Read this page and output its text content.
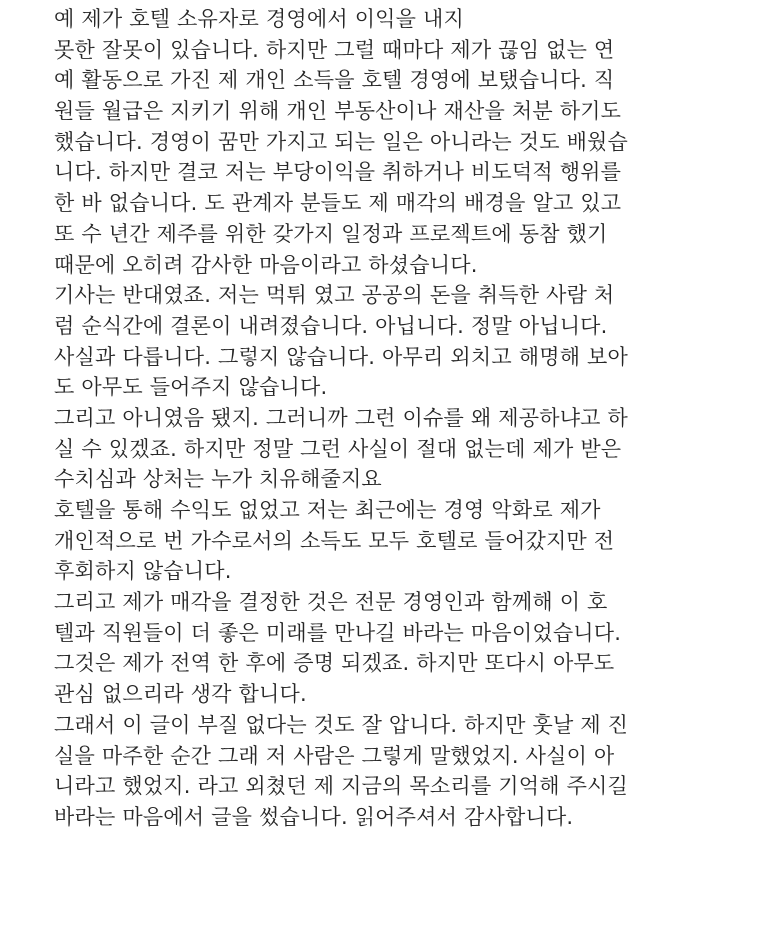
예 제가 호텔 소유자로 경영에서 이익을 내지
못한 잘못이 있습니다. 하지만 그럴 때마다 제가 끊임 없는 연
예 활동으로 가진 제 개인 소득을 호텔 경영에 보탰습니다. 직
원들 월급은 지키기 위해 개인 부동산이나 재산을 처분 하기도
했습니다. 경영이 꿈만 가지고 되는 일은 아니라는 것도 배웠습
니다. 하지만 결코 저는 부당이익을 취하거나 비도덕적 행위를
한 바 없습니다. 도 관계자 분들도 제 매각의 배경을 알고 있고
또 수 년간 제주를 위한 갖가지 일정과 프로젝트에 동참 했기
때문에 오히려 감사한 마음이라고 하셨습니다.
기사는 반대였죠. 저는 먹튀 였고 공공의 돈을 취득한 사람 처
럼 순식간에 결론이 내려졌습니다. 아닙니다. 정말 아닙니다.
사실과 다릅니다. 그렇지 않습니다. 아무리 외치고 해명해 보아
도 아무도 들어주지 않습니다.
그리고 아니였음 됐지. 그러니까 그런 이슈를 왜 제공하냐고 하
실 수 있겠죠. 하지만 정말 그런 사실이 절대 없는데 제가 받은
수치심과 상처는 누가 치유해줄지요
호텔을 통해 수익도 없었고 저는 최근에는 경영 악화로 제가
개인적으로 번 가수로서의 소득도 모두 호텔로 들어갔지만 전
후회하지 않습니다.
그리고 제가 매각을 결정한 것은 전문 경영인과 함께해 이 호
텔과 직원들이 더 좋은 미래를 만나길 바라는 마음이었습니다.
그것은 제가 전역 한 후에 증명 되겠죠. 하지만 또다시 아무도
관심 없으리라 생각 합니다.
그래서 이 글이 부질 없다는 것도 잘 압니다. 하지만 훗날 제 진
실을 마주한 순간 그래 저 사람은 그렇게 말했었지. 사실이 아
니라고 했었지. 라고 외쳤던 제 지금의 목소리를 기억해 주시길
바라는 마음에서 글을 썼습니다. 읽어주셔서 감사합니다.
